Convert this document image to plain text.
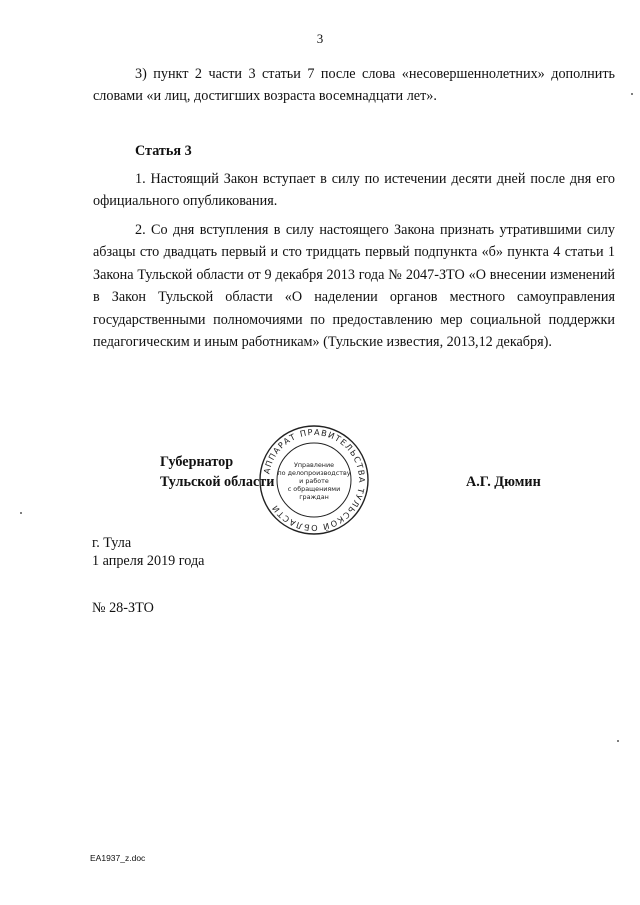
3
3) пункт 2 части 3 статьи 7 после слова «несовершеннолетних» дополнить словами «и лиц, достигших возраста восемнадцати лет».
Статья 3
1. Настоящий Закон вступает в силу по истечении десяти дней после дня его официального опубликования.
2. Со дня вступления в силу настоящего Закона признать утратившими силу абзацы сто двадцать первый и сто тридцать первый подпункта «б» пункта 4 статьи 1 Закона Тульской области от 9 декабря 2013 года № 2047-ЗТО «О внесении изменений в Закон Тульской области «О наделении органов местного самоуправления государственными полномочиями по предоставлению мер социальной поддержки педагогическим и иным работникам» (Тульские известия, 2013,12 декабря).
Губернатор
Тульской области	А.Г. Дюмин
АППАРАТ ПРАВИТЕЛЬСТВА ТУЛЬСКОЙ ОБЛАСТИ
Управление
по делопроизводству
и работе
с обращениями
граждан
г. Тула
1 апреля 2019 года
№ 28-ЗТО
EA1937_z.doc
